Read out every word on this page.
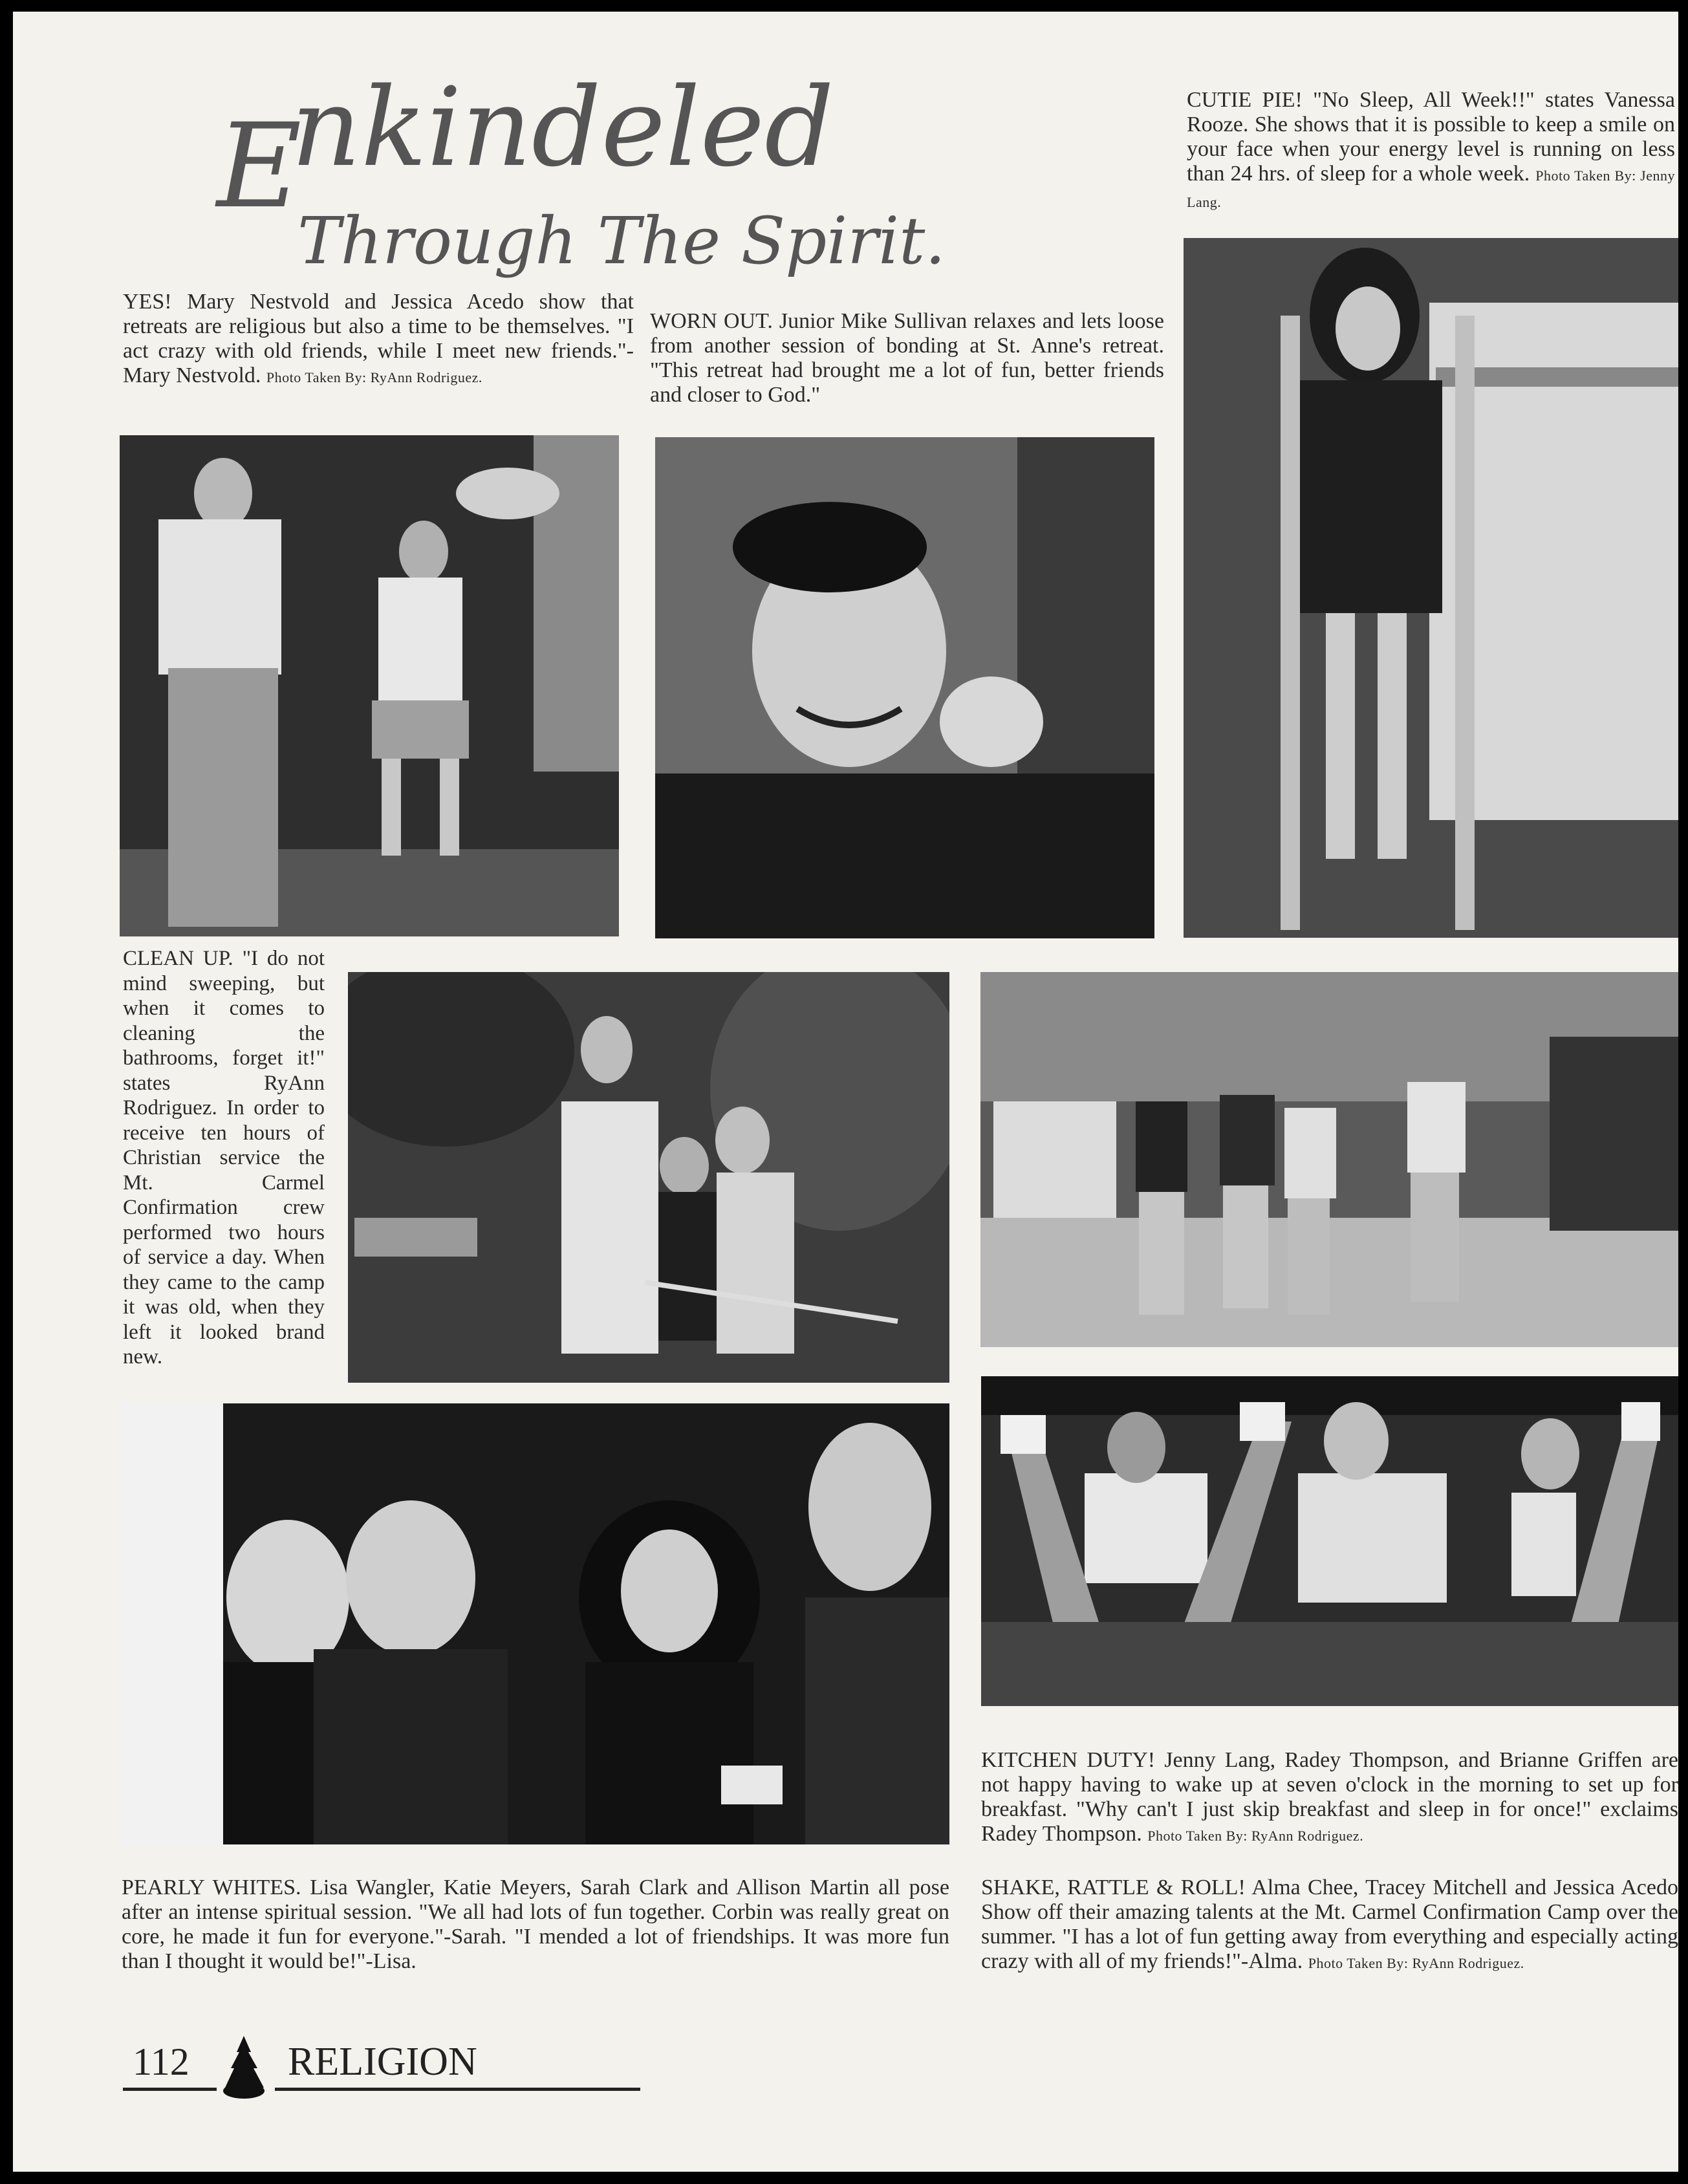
E
nkindeled
Through The Spirit.
YES! Mary Nestvold and Jessica Acedo show that retreats are religious but also a time to be themselves. "I act crazy with old friends, while I meet new friends."-Mary Nestvold. Photo Taken By: RyAnn Rodriguez.
WORN OUT. Junior Mike Sullivan relaxes and lets loose from another session of bonding at St. Anne's retreat. "This retreat had brought me a lot of fun, better friends and closer to God."
CUTIE PIE! "No Sleep, All Week!!" states Vanessa Rooze. She shows that it is possible to keep a smile on your face when your energy level is running on less than 24 hrs. of sleep for a whole week. Photo Taken By: Jenny Lang.
CLEAN UP. "I do not mind sweeping, but when it comes to cleaning the bathrooms, forget it!" states RyAnn Rodriguez. In order to receive ten hours of Christian service the Mt. Carmel Confirmation crew performed two hours of service a day. When they came to the camp it was old, when they left it looked brand new.
KITCHEN DUTY! Jenny Lang, Radey Thompson, and Brianne Griffen are not happy having to wake up at seven o'clock in the morning to set up for breakfast. "Why can't I just skip breakfast and sleep in for once!" exclaims Radey Thompson. Photo Taken By: RyAnn Rodriguez.
PEARLY WHITES. Lisa Wangler, Katie Meyers, Sarah Clark and Allison Martin all pose after an intense spiritual session. "We all had lots of fun together. Corbin was really great on core, he made it fun for everyone."-Sarah. "I mended a lot of friendships. It was more fun than I thought it would be!"-Lisa.
SHAKE, RATTLE & ROLL! Alma Chee, Tracey Mitchell and Jessica Acedo Show off their amazing talents at the Mt. Carmel Confirmation Camp over the summer. "I has a lot of fun getting away from everything and especially acting crazy with all of my friends!"-Alma. Photo Taken By: RyAnn Rodriguez.
112 RELIGION
